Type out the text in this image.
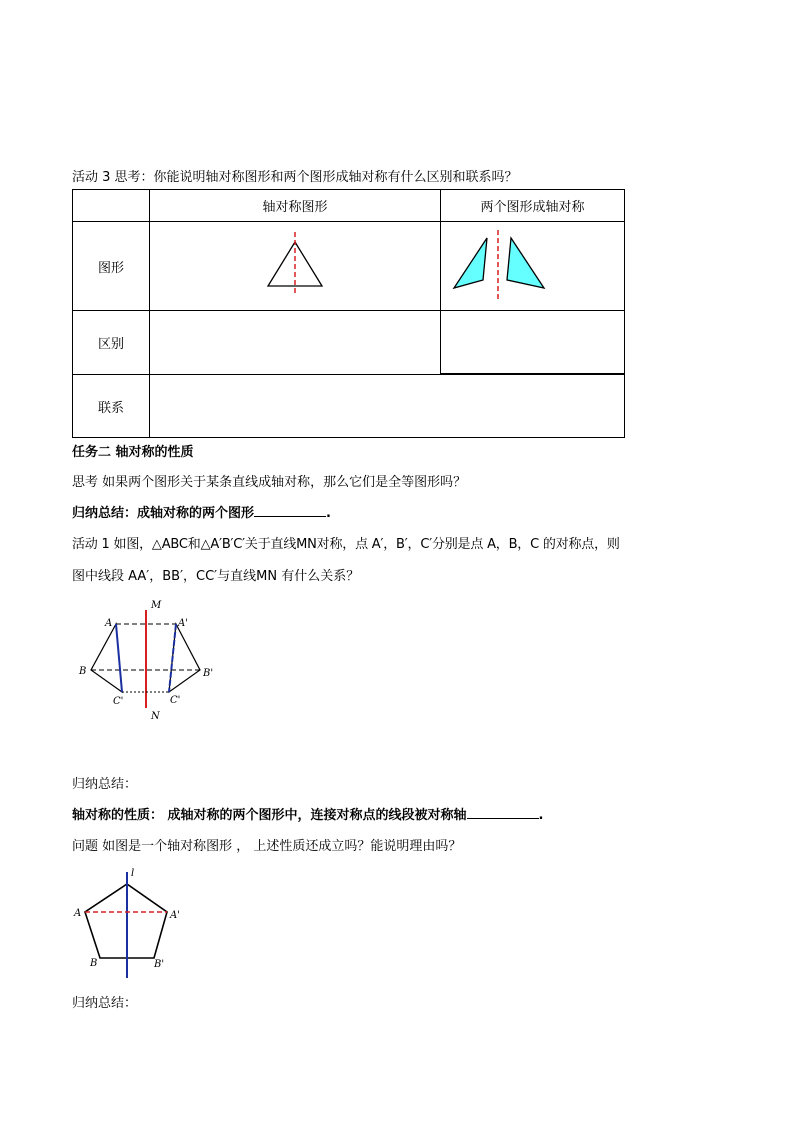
活动 3 思考：你能说明轴对称图形和两个图形成轴对称有什么区别和联系吗？
	轴对称图形	两个图形成轴对称
图形		
区别		

联系		
任务二 轴对称的性质
思考 如果两个图形关于某条直线成轴对称，那么它们是全等图形吗？
归纳总结：成轴对称的两个图形	.
活动 1 如图，△ABC和△A′B′C′关于直线MN对称，点 A′，B′，C′分别是点 A，B，C 的对称点，则
图中线段 AA′，BB′，CC′与直线MN 有什么关系？
M
N
A	A'
B	B'
C'	C'
归纳总结：
轴对称的性质： 成轴对称的两个图形中，连接对称点的线段被对称轴	.
问题 如图是一个轴对称图形 ， 上述性质还成立吗？能说明理由吗？
l
A	A'
B	B'
归纳总结：
